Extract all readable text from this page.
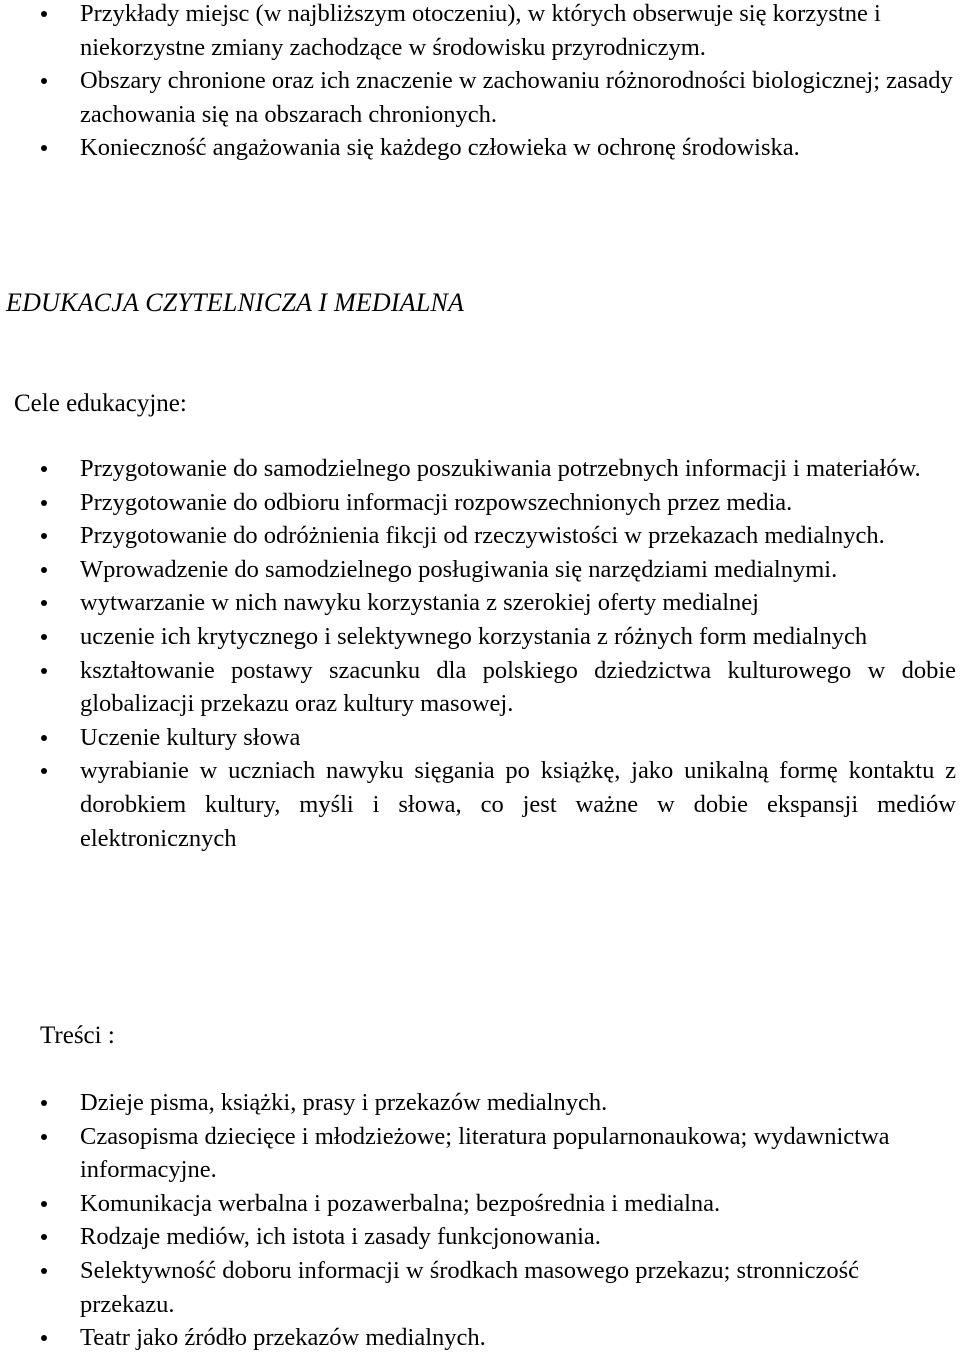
Przykłady miejsc (w najbliższym otoczeniu), w których obserwuje się korzystne i niekorzystne zmiany zachodzące w środowisku przyrodniczym.
Obszary chronione oraz ich znaczenie w zachowaniu różnorodności biologicznej; zasady zachowania się na obszarach chronionych.
Konieczność angażowania się każdego człowieka w ochronę środowiska.
EDUKACJA CZYTELNICZA I MEDIALNA
Cele edukacyjne:
Przygotowanie do samodzielnego poszukiwania potrzebnych informacji i materiałów.
Przygotowanie do odbioru informacji rozpowszechnionych przez media.
Przygotowanie do odróżnienia fikcji od rzeczywistości w przekazach medialnych.
Wprowadzenie do samodzielnego posługiwania się narzędziami medialnymi.
wytwarzanie w nich nawyku korzystania z szerokiej oferty medialnej
uczenie ich krytycznego i selektywnego korzystania z różnych form medialnych
kształtowanie postawy szacunku dla polskiego dziedzictwa kulturowego w dobie globalizacji przekazu oraz kultury masowej.
Uczenie kultury słowa
wyrabianie w uczniach nawyku sięgania po książkę, jako unikalną formę kontaktu z dorobkiem kultury, myśli i słowa, co jest ważne w dobie ekspansji mediów elektronicznych
Treści :
Dzieje pisma, książki, prasy i przekazów medialnych.
Czasopisma dziecięce i młodzieżowe; literatura popularnonaukowa; wydawnictwa informacyjne.
Komunikacja werbalna i pozawerbalna; bezpośrednia i medialna.
Rodzaje mediów, ich istota i zasady funkcjonowania.
Selektywność doboru informacji w środkach masowego przekazu; stronniczość przekazu.
Teatr jako źródło przekazów medialnych.
